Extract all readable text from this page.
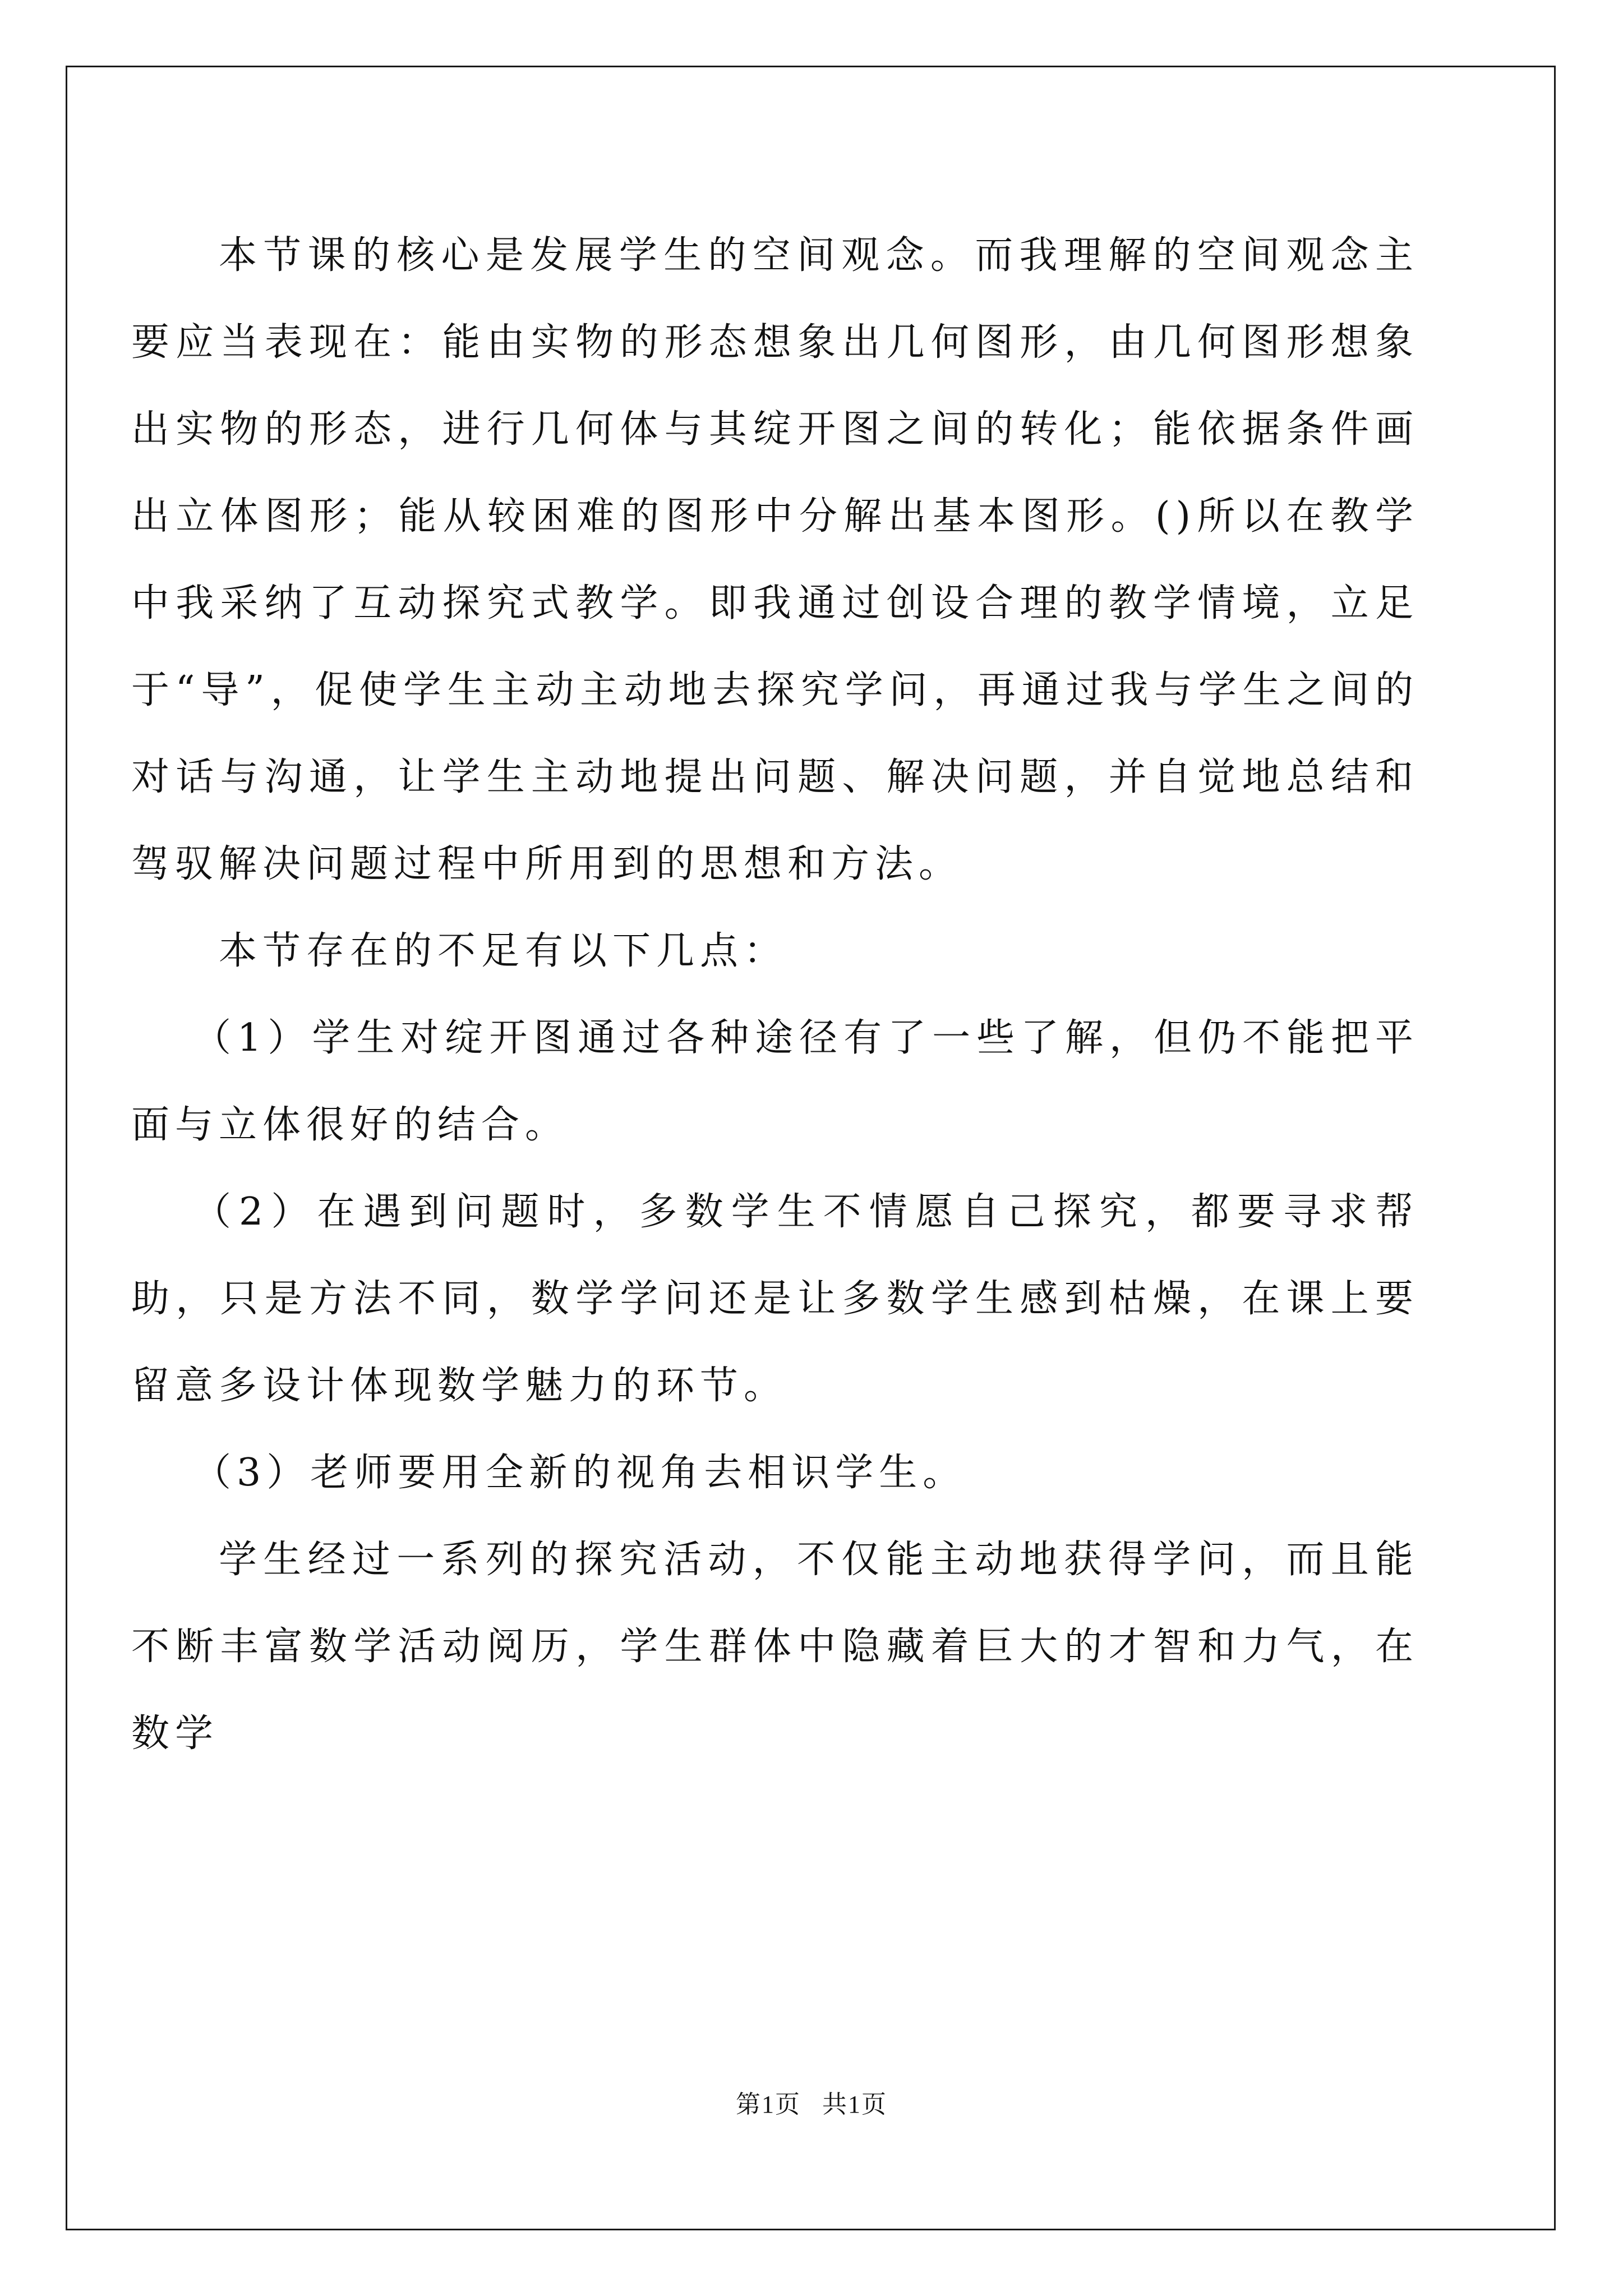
本节课的核心是发展学生的空间观念。而我理解的空间观念主要应当表现在：能由实物的形态想象出几何图形，由几何图形想象出实物的形态，进行几何体与其绽开图之间的转化；能依据条件画出立体图形；能从较困难的图形中分解出基本图形。()所以在教学中我采纳了互动探究式教学。即我通过创设合理的教学情境，立足于“导”，促使学生主动主动地去探究学问，再通过我与学生之间的对话与沟通，让学生主动地提出问题、解决问题，并自觉地总结和驾驭解决问题过程中所用到的思想和方法。

本节存在的不足有以下几点：

（1）学生对绽开图通过各种途径有了一些了解，但仍不能把平面与立体很好的结合。

（2）在遇到问题时，多数学生不情愿自己探究，都要寻求帮助，只是方法不同，数学学问还是让多数学生感到枯燥，在课上要留意多设计体现数学魅力的环节。

（3）老师要用全新的视角去相识学生。

学生经过一系列的探究活动，不仅能主动地获得学问，而且能不断丰富数学活动阅历，学生群体中隐藏着巨大的才智和力气，在数学

第1页 共1页
